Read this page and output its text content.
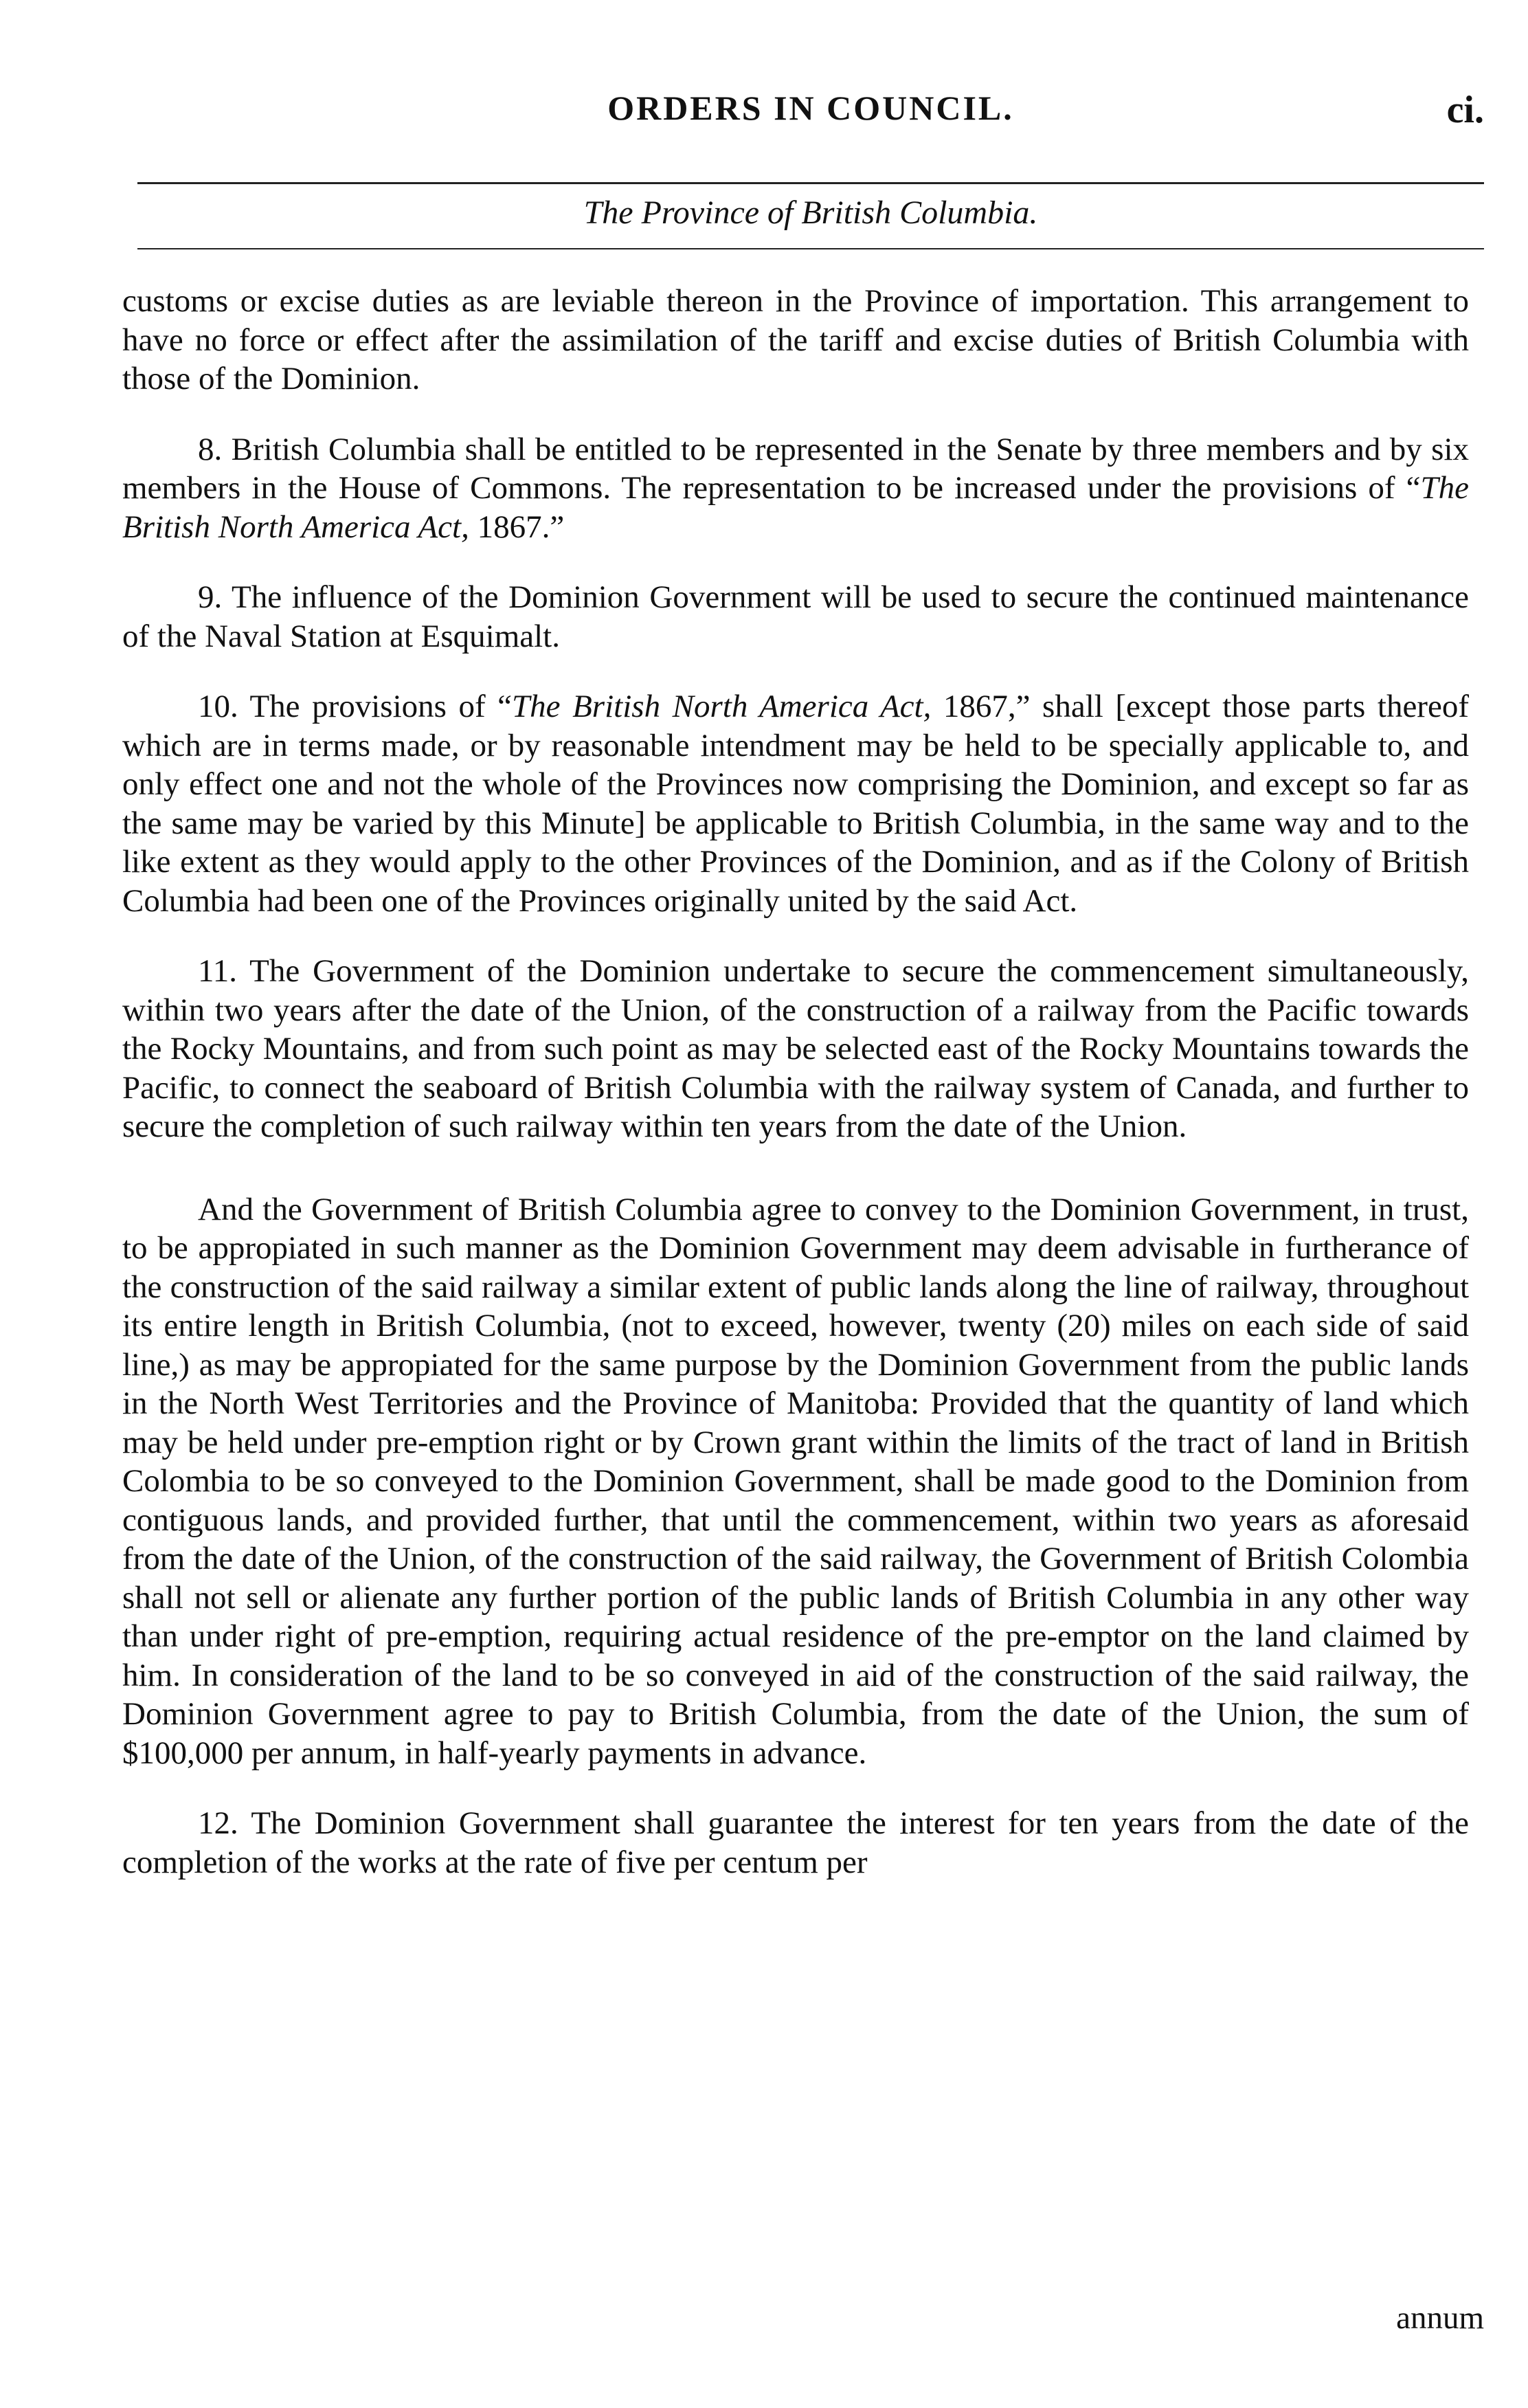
ORDERS IN COUNCIL.	ci.
The Province of British Columbia.

customs or excise duties as are leviable thereon in the Province of importation. This arrangement to have no force or effect after the assimilation of the tariff and excise duties of British Columbia with those of the Dominion.

8. British Columbia shall be entitled to be represented in the Senate by three members and by six members in the House of Commons. The representation to be increased under the provisions of “The British North America Act, 1867.”

9. The influence of the Dominion Government will be used to secure the continued maintenance of the Naval Station at Esquimalt.

10. The provisions of “The British North America Act, 1867,” shall [except those parts thereof which are in terms made, or by reasonable intendment may be held to be specially applicable to, and only effect one and not the whole of the Provinces now comprising the Dominion, and except so far as the same may be varied by this Minute] be applicable to British Columbia, in the same way and to the like extent as they would apply to the other Provinces of the Dominion, and as if the Colony of British Columbia had been one of the Provinces originally united by the said Act.

11. The Government of the Dominion undertake to secure the commencement simultaneously, within two years after the date of the Union, of the construction of a railway from the Pacific towards the Rocky Mountains, and from such point as may be selected east of the Rocky Mountains towards the Pacific, to connect the seaboard of British Columbia with the railway system of Canada, and further to secure the completion of such railway within ten years from the date of the Union.

And the Government of British Columbia agree to convey to the Dominion Government, in trust, to be appropiated in such manner as the Dominion Government may deem advisable in furtherance of the construction of the said railway a similar extent of public lands along the line of railway, throughout its entire length in British Columbia, (not to exceed, however, twenty (20) miles on each side of said line,) as may be appropiated for the same purpose by the Dominion Government from the public lands in the North West Territories and the Province of Manitoba: Provided that the quantity of land which may be held under pre-emption right or by Crown grant within the limits of the tract of land in British Colombia to be so conveyed to the Dominion Government, shall be made good to the Dominion from contiguous lands, and provided further, that until the commencement, within two years as aforesaid from the date of the Union, of the construction of the said railway, the Government of British Colombia shall not sell or alienate any further portion of the public lands of British Columbia in any other way than under right of pre-emption, requiring actual residence of the pre-emptor on the land claimed by him. In consideration of the land to be so conveyed in aid of the construction of the said railway, the Dominion Government agree to pay to British Columbia, from the date of the Union, the sum of $100,000 per annum, in half-yearly payments in advance.

12. The Dominion Government shall guarantee the interest for ten years from the date of the completion of the works at the rate of five per centum per

annum
